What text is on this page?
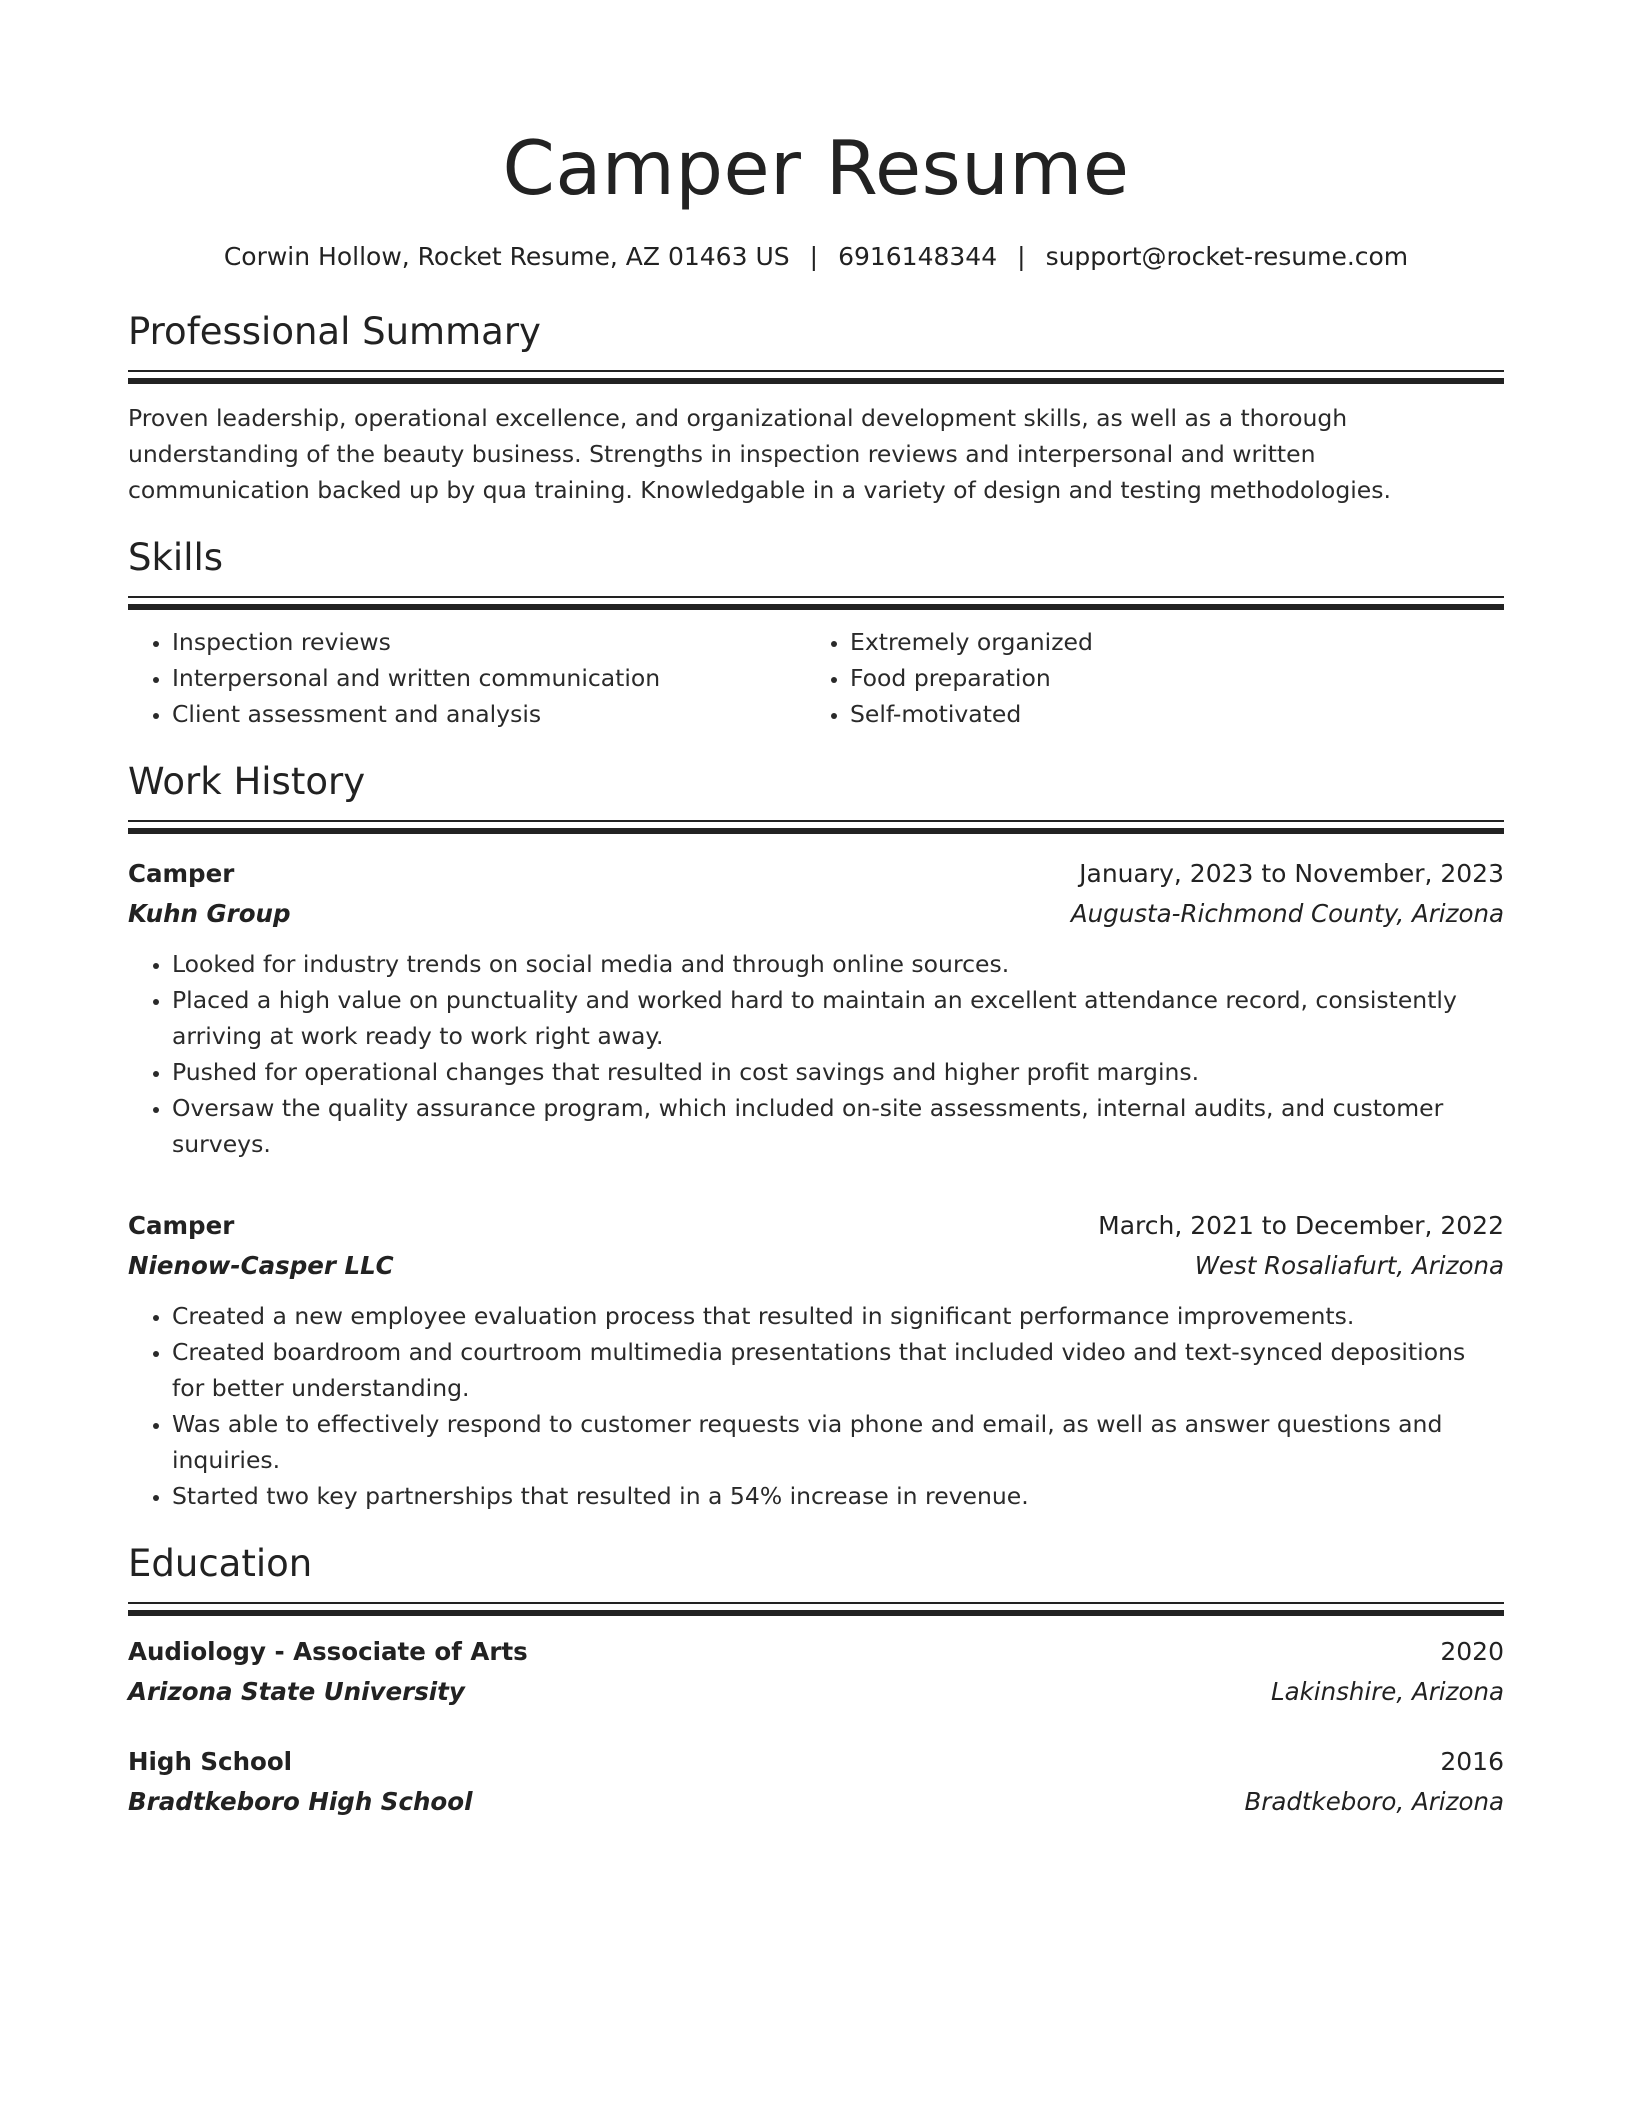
Camper Resume
Corwin Hollow, Rocket Resume, AZ 01463 US | 6916148344 | support@rocket-resume.com
Professional Summary
Proven leadership, operational excellence, and organizational development skills, as well as a thorough understanding of the beauty business. Strengths in inspection reviews and interpersonal and written communication backed up by qua training. Knowledgable in a variety of design and testing methodologies.
Skills
• Inspection reviews
• Interpersonal and written communication
• Client assessment and analysis
• Extremely organized
• Food preparation
• Self-motivated
Work History
Camper	January, 2023 to November, 2023
Kuhn Group	Augusta-Richmond County, Arizona
• Looked for industry trends on social media and through online sources.
• Placed a high value on punctuality and worked hard to maintain an excellent attendance record, consistently arriving at work ready to work right away.
• Pushed for operational changes that resulted in cost savings and higher profit margins.
• Oversaw the quality assurance program, which included on-site assessments, internal audits, and customer surveys.
Camper	March, 2021 to December, 2022
Nienow-Casper LLC	West Rosaliafurt, Arizona
• Created a new employee evaluation process that resulted in significant performance improvements.
• Created boardroom and courtroom multimedia presentations that included video and text-synced depositions for better understanding.
• Was able to effectively respond to customer requests via phone and email, as well as answer questions and inquiries.
• Started two key partnerships that resulted in a 54% increase in revenue.
Education
Audiology - Associate of Arts	2020
Arizona State University	Lakinshire, Arizona
High School	2016
Bradtkeboro High School	Bradtkeboro, Arizona
